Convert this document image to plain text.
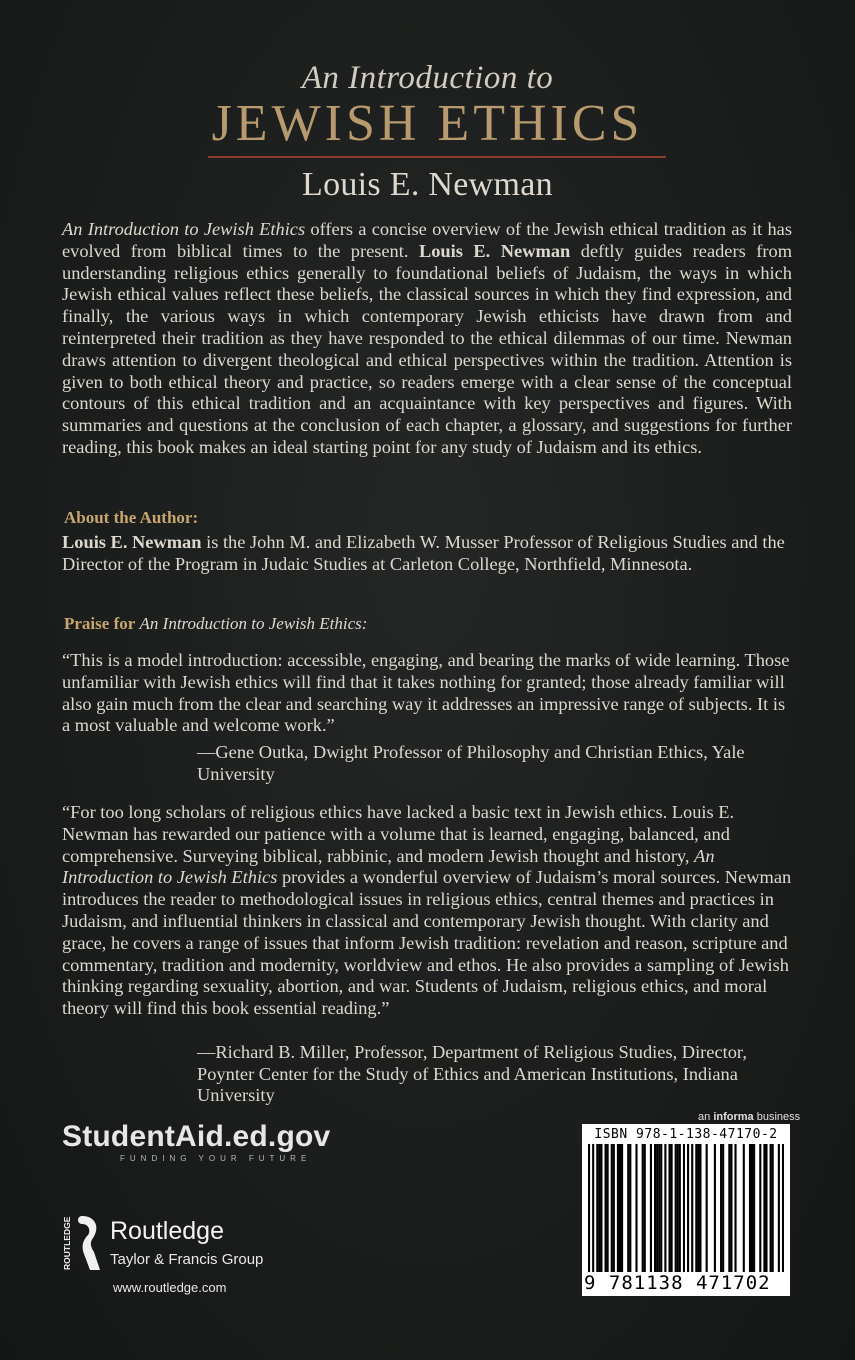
An Introduction to
JEWISH ETHICS
Louis E. Newman
An Introduction to Jewish Ethics offers a concise overview of the Jewish ethical tradition as it has evolved from biblical times to the present. Louis E. Newman deftly guides readers from understanding religious ethics generally to foundational beliefs of Judaism, the ways in which Jewish ethical values reflect these beliefs, the classical sources in which they find expression, and finally, the various ways in which contemporary Jewish ethicists have drawn from and reinterpreted their tradition as they have responded to the ethical dilemmas of our time. Newman draws attention to divergent theological and ethical perspectives within the tradition. Attention is given to both ethical theory and practice, so readers emerge with a clear sense of the conceptual contours of this ethical tradition and an acquaintance with key perspectives and figures. With summaries and questions at the conclusion of each chapter, a glossary, and suggestions for further reading, this book makes an ideal starting point for any study of Judaism and its ethics.
About the Author:
Louis E. Newman is the John M. and Elizabeth W. Musser Professor of Religious Studies and the Director of the Program in Judaic Studies at Carleton College, Northfield, Minnesota.
Praise for An Introduction to Jewish Ethics:
“This is a model introduction: accessible, engaging, and bearing the marks of wide learning. Those unfamiliar with Jewish ethics will find that it takes nothing for granted; those already familiar will also gain much from the clear and searching way it addresses an impressive range of subjects. It is a most valuable and welcome work.”
—Gene Outka, Dwight Professor of Philosophy and Christian Ethics, Yale University
“For too long scholars of religious ethics have lacked a basic text in Jewish ethics. Louis E. Newman has rewarded our patience with a volume that is learned, engaging, balanced, and comprehensive. Surveying biblical, rabbinic, and modern Jewish thought and history, An Introduction to Jewish Ethics provides a wonderful overview of Judaism’s moral sources. Newman introduces the reader to methodological issues in religious ethics, central themes and practices in Judaism, and influential thinkers in classical and contemporary Jewish thought. With clarity and grace, he covers a range of issues that inform Jewish tradition: revelation and reason, scripture and commentary, tradition and modernity, worldview and ethos. He also provides a sampling of Jewish thinking regarding sexuality, abortion, and war. Students of Judaism, religious ethics, and moral theory will find this book essential reading.”
—Richard B. Miller, Professor, Department of Religious Studies, Director, Poynter Center for the Study of Ethics and American Institutions, Indiana University
StudentAid.ed.gov
FUNDING YOUR FUTURE
ROUTLEDGE Routledge
Taylor & Francis Group
www.routledge.com
an informa business
ISBN 978-1-138-47170-2
9 781138 471702
